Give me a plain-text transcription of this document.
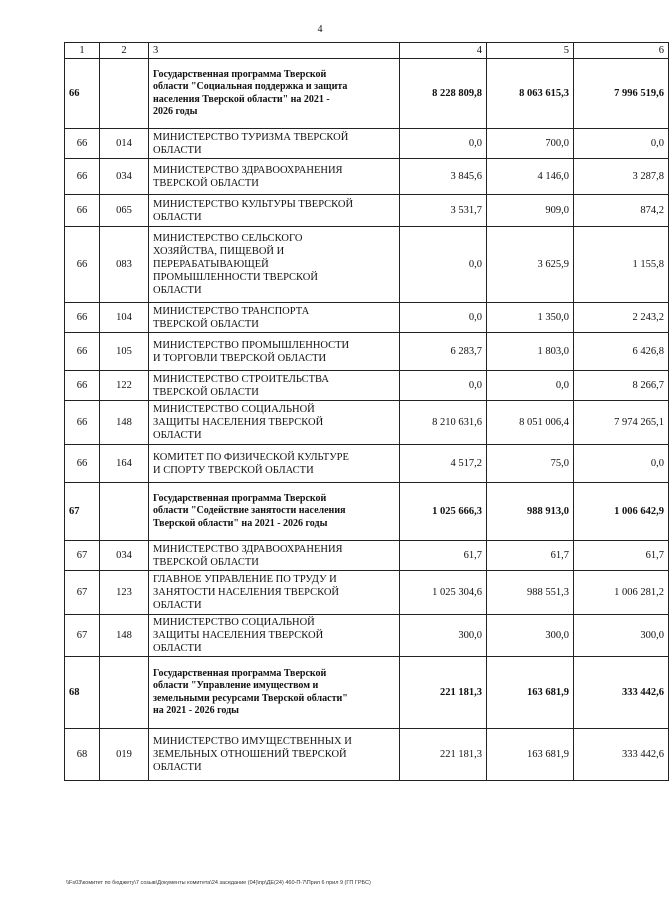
4
1	2	3	4	5	6
66		Государственная программа Тверской
области "Социальная поддержка и защита
населения Тверской области" на 2021 -
2026 годы	8 228 809,8	8 063 615,3	7 996 519,6
66	014	МИНИСТЕРСТВО ТУРИЗМА ТВЕРСКОЙ
ОБЛАСТИ	0,0	700,0	0,0
66	034	МИНИСТЕРСТВО ЗДРАВООХРАНЕНИЯ
ТВЕРСКОЙ ОБЛАСТИ	3 845,6	4 146,0	3 287,8
66	065	МИНИСТЕРСТВО КУЛЬТУРЫ ТВЕРСКОЙ
ОБЛАСТИ	3 531,7	909,0	874,2
66	083	МИНИСТЕРСТВО СЕЛЬСКОГО
ХОЗЯЙСТВА, ПИЩЕВОЙ И
ПЕРЕРАБАТЫВАЮЩЕЙ
ПРОМЫШЛЕННОСТИ ТВЕРСКОЙ
ОБЛАСТИ	0,0	3 625,9	1 155,8
66	104	МИНИСТЕРСТВО ТРАНСПОРТА
ТВЕРСКОЙ ОБЛАСТИ	0,0	1 350,0	2 243,2
66	105	МИНИСТЕРСТВО ПРОМЫШЛЕННОСТИ
И ТОРГОВЛИ ТВЕРСКОЙ ОБЛАСТИ	6 283,7	1 803,0	6 426,8
66	122	МИНИСТЕРСТВО СТРОИТЕЛЬСТВА
ТВЕРСКОЙ ОБЛАСТИ	0,0	0,0	8 266,7
66	148	МИНИСТЕРСТВО СОЦИАЛЬНОЙ
ЗАЩИТЫ НАСЕЛЕНИЯ ТВЕРСКОЙ
ОБЛАСТИ	8 210 631,6	8 051 006,4	7 974 265,1
66	164	КОМИТЕТ ПО ФИЗИЧЕСКОЙ КУЛЬТУРЕ
И СПОРТУ ТВЕРСКОЙ ОБЛАСТИ	4 517,2	75,0	0,0
67		Государственная программа Тверской
области "Содействие занятости населения
Тверской области" на 2021 - 2026 годы	1 025 666,3	988 913,0	1 006 642,9
67	034	МИНИСТЕРСТВО ЗДРАВООХРАНЕНИЯ
ТВЕРСКОЙ ОБЛАСТИ	61,7	61,7	61,7
67	123	ГЛАВНОЕ УПРАВЛЕНИЕ ПО ТРУДУ И
ЗАНЯТОСТИ НАСЕЛЕНИЯ ТВЕРСКОЙ
ОБЛАСТИ	1 025 304,6	988 551,3	1 006 281,2
67	148	МИНИСТЕРСТВО СОЦИАЛЬНОЙ
ЗАЩИТЫ НАСЕЛЕНИЯ ТВЕРСКОЙ
ОБЛАСТИ	300,0	300,0	300,0
68		Государственная программа Тверской
области "Управление имуществом и
земельными ресурсами Тверской области"
на 2021 - 2026 годы	221 181,3	163 681,9	333 442,6
68	019	МИНИСТЕРСТВО ИМУЩЕСТВЕННЫХ И
ЗЕМЕЛЬНЫХ ОТНОШЕНИЙ ТВЕРСКОЙ
ОБЛАСТИ	221 181,3	163 681,9	333 442,6
\\Fs03\комитет по бюджету\7 созыв\Документы комитета\24 заседание (04)\пр\ДЕ(24) 460-П-7\Прил 6 прил 9 (ГП ГРБС)
